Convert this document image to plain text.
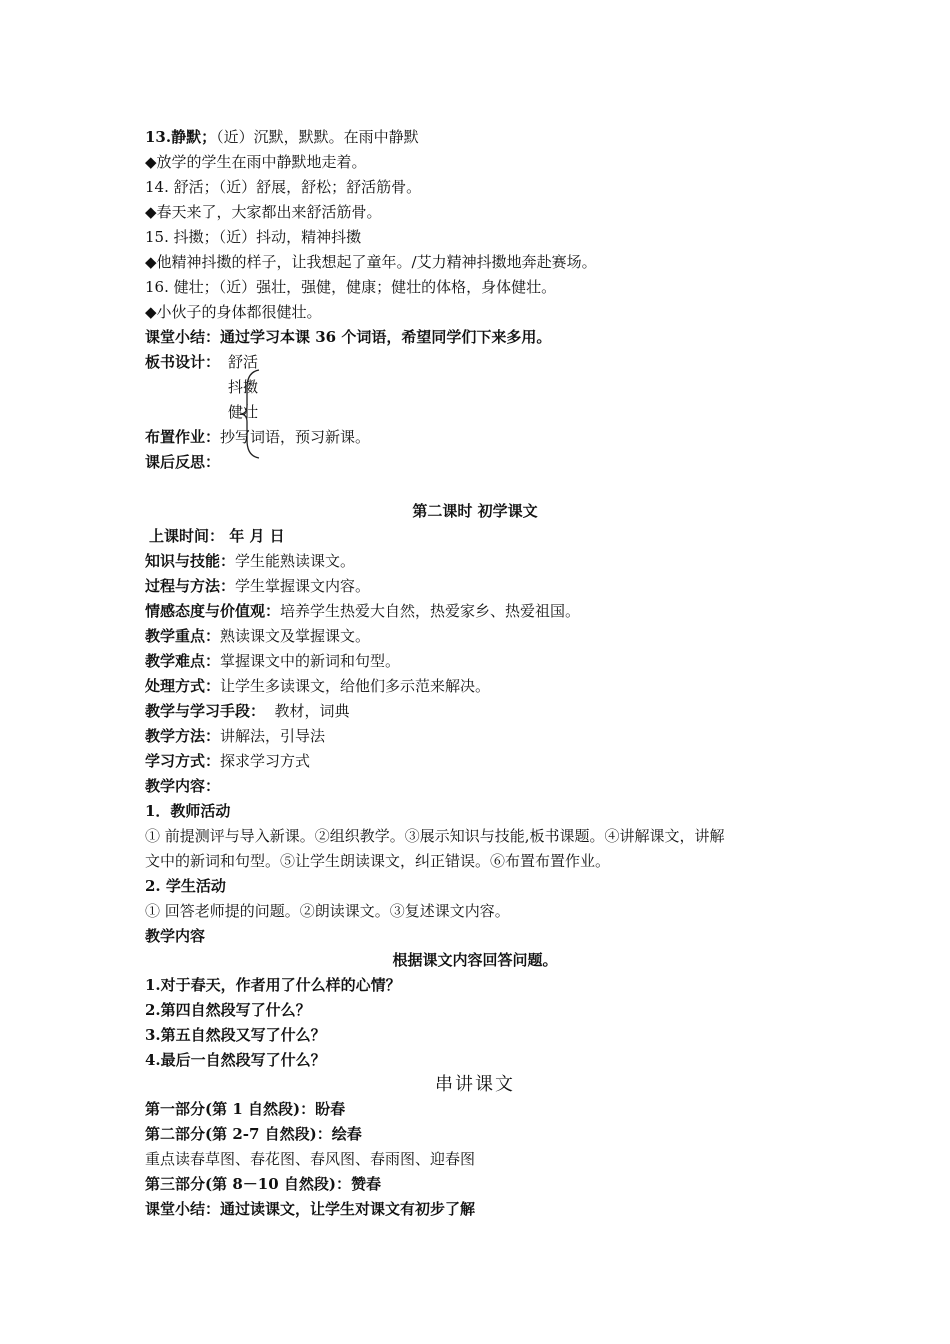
13.静默；（近）沉默，默默。在雨中静默
◆放学的学生在雨中静默地走着。
14. 舒活；（近）舒展，舒松；舒活筋骨。
◆春天来了，大家都出来舒活筋骨。
15. 抖擞；（近）抖动，精神抖擞
◆他精神抖擞的样子，让我想起了童年。/艾力精神抖擞地奔赴赛场。
16. 健壮；（近）强壮，强健，健康；健壮的体格，身体健壮。
◆小伙子的身体都很健壮。
课堂小结：通过学习本课 36 个词语，希望同学们下来多用。
板书设计： 舒活
抖擞
健壮
布置作业：抄写词语，预习新课。
课后反思：
第二课时 初学课文
上课时间： 年 月 日
知识与技能：学生能熟读课文。
过程与方法：学生掌握课文内容。
情感态度与价值观：培养学生热爱大自然，热爱家乡、热爱祖国。
教学重点：熟读课文及掌握课文。
教学难点：掌握课文中的新词和句型。
处理方式：让学生多读课文，给他们多示范来解决。
教学与学习手段：  教材，词典
教学方法：讲解法，引导法
学习方式：探求学习方式
教学内容：
1．教师活动
① 前提测评与导入新课。②组织教学。③展示知识与技能,板书课题。④讲解课文，讲解
文中的新词和句型。⑤让学生朗读课文，纠正错误。⑥布置布置作业。
2. 学生活动
① 回答老师提的问题。②朗读课文。③复述课文内容。
教学内容
根据课文内容回答问题。
1.对于春天，作者用了什么样的心情？
2.第四自然段写了什么？
3.第五自然段又写了什么？
4.最后一自然段写了什么？
串讲课文
第一部分(第 1 自然段)：盼春
第二部分(第 2-7 自然段)：绘春
重点读春草图、春花图、春风图、春雨图、迎春图
第三部分(第 8－10 自然段)：赞春
课堂小结：通过读课文，让学生对课文有初步了解
